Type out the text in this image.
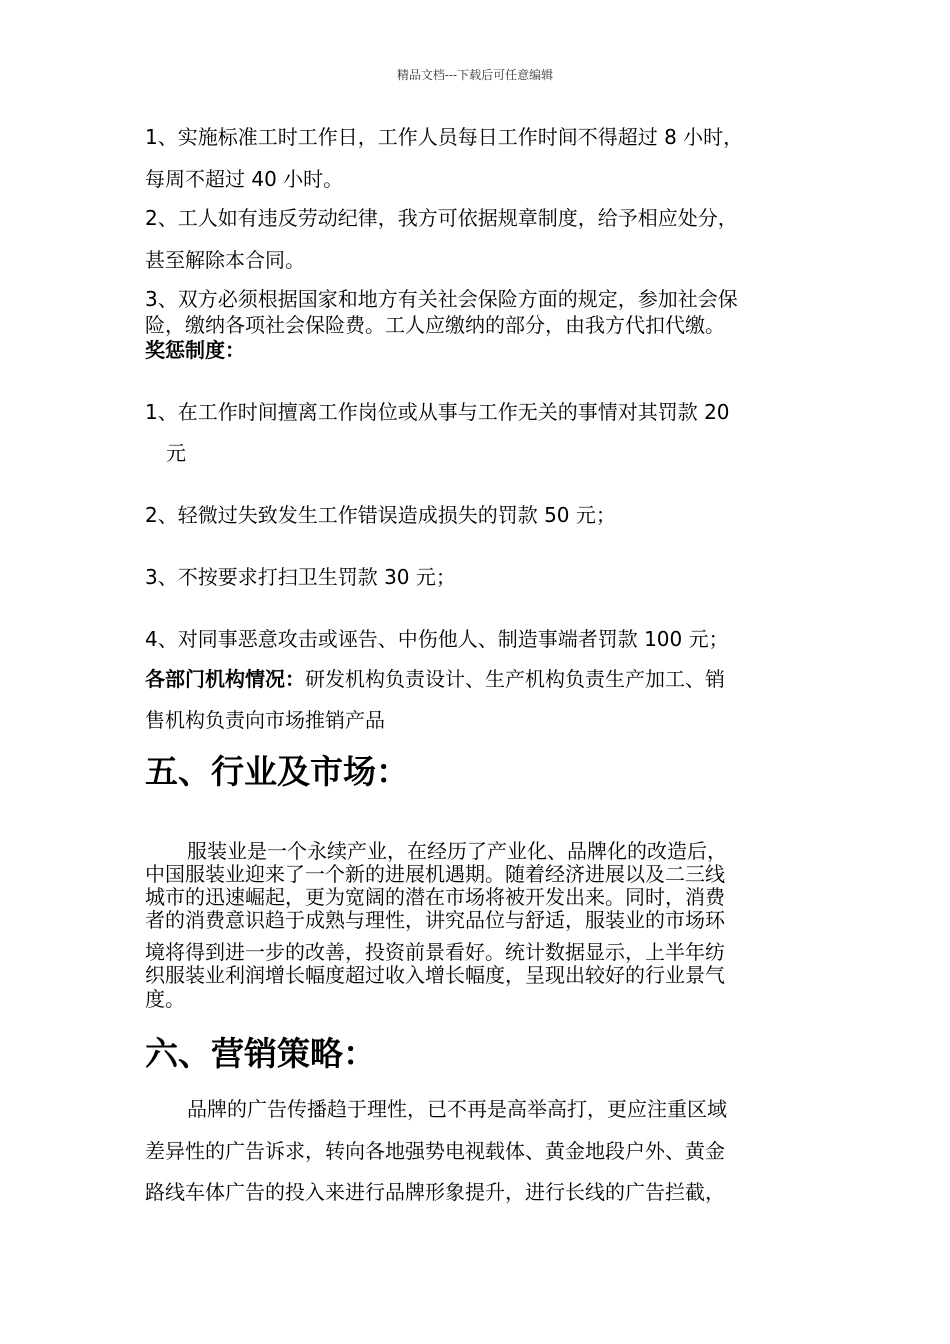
精品文档---下载后可任意编辑
1、实施标准工时工作日，工作人员每日工作时间不得超过 8 小时，
每周不超过 40 小时。
2、工人如有违反劳动纪律，我方可依据规章制度，给予相应处分，
甚至解除本合同。
3、双方必须根据国家和地方有关社会保险方面的规定，参加社会保
险，缴纳各项社会保险费。工人应缴纳的部分，由我方代扣代缴。
奖惩制度：
1、在工作时间擅离工作岗位或从事与工作无关的事情对其罚款 20
元
2、轻微过失致发生工作错误造成损失的罚款 50 元；
3、不按要求打扫卫生罚款 30 元；
4、对同事恶意攻击或诬告、中伤他人、制造事端者罚款 100 元；
各部门机构情况：研发机构负责设计、生产机构负责生产加工、销
售机构负责向市场推销产品
五、行业及市场：
服装业是一个永续产业，在经历了产业化、品牌化的改造后，
中国服装业迎来了一个新的进展机遇期。随着经济进展以及二三线
城市的迅速崛起，更为宽阔的潜在市场将被开发出来。同时，消费
者的消费意识趋于成熟与理性，讲究品位与舒适，服装业的市场环
境将得到进一步的改善，投资前景看好。统计数据显示，上半年纺
织服装业利润增长幅度超过收入增长幅度，呈现出较好的行业景气
度。
六、营销策略：
品牌的广告传播趋于理性，已不再是高举高打，更应注重区域
差异性的广告诉求，转向各地强势电视载体、黄金地段户外、黄金
路线车体广告的投入来进行品牌形象提升，进行长线的广告拦截，
